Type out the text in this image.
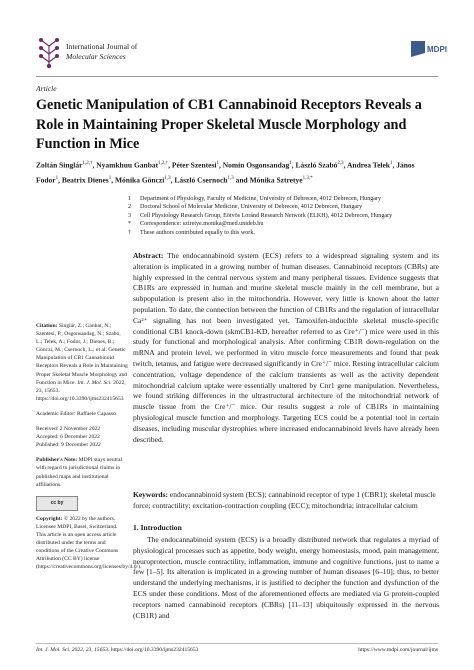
International Journal of
Molecular Sciences
MDPI
Article
Genetic Manipulation of CB1 Cannabinoid Receptors Reveals a Role in Maintaining Proper Skeletal Muscle Morphology and Function in Mice
Zoltán Singlár$^{1,2,\dagger}$, Nyamkhuu Ganbat$^{1,2,\dagger}$, Péter Szentesi$^1$, Nomin Osgonsandag$^1$, László Szabó$^{2,3}$, Andrea Telek$^1$, János Fodor$^1$, Beatrix Dienes$^1$, Mónika Gönczi$^{1,3}$, László Csernoch$^{1,3}$ and Mónika Sztretye$^{1,3,*}$
1	Department of Physiology, Faculty of Medicine, University of Debrecen, 4012 Debrecen, Hungary
2	Doctoral School of Molecular Medicine, University of Debrecen, 4012 Debrecen, Hungary
3	Cell Physiology Research Group, Eötvös Loránd Research Network (ELKH), 4012 Debrecen, Hungary
*	Correspondence: sztretye.monika@med.unideb.hu
†	These authors contributed equally to this work.

Citation: Singlár, Z.; Ganbat, N.; Szentesi, P.; Osgonsandag, N.; Szabó, L.; Telek, A.; Fodor, J.; Dienes, B.; Gönczi, M.; Csernoch, L.; et al. Genetic Manipulation of CB1 Cannabinoid Receptors Reveals a Role in Maintaining Proper Skeletal Muscle Morphology and Function in Mice. Int. J. Mol. Sci. 2022, 23, 15653. https://doi.org/10.3390/ijms232415653

Academic Editor: Raffaele Capasso

Received: 2 November 2022
Accepted: 6 December 2022
Published: 9 December 2022

Publisher's Note: MDPI stays neutral with regard to jurisdictional claims in published maps and institutional affiliations.

cc by

Copyright: © 2022 by the authors. Licensee MDPI, Basel, Switzerland. This article is an open access article distributed under the terms and conditions of the Creative Commons Attribution (CC BY) license (https://creativecommons.org/licenses/by/4.0/).

Abstract: The endocannabinoid system (ECS) refers to a widespread signaling system and its alteration is implicated in a growing number of human diseases. Cannabinoid receptors (CBRs) are highly expressed in the central nervous system and many peripheral tissues. Evidence suggests that CB1Rs are expressed in human and murine skeletal muscle mainly in the cell membrane, but a subpopulation is present also in the mitochondria. However, very little is known about the latter population. To date, the connection between the function of CB1Rs and the regulation of intracellular Ca²⁺ signaling has not been investigated yet. Tamoxifen-inducible skeletal muscle-specific conditional CB1 knock-down (skmCB1-KD, hereafter referred to as Cre⁺/⁻) mice were used in this study for functional and morphological analysis. After confirming CB1R down-regulation on the mRNA and protein level, we performed in vitro muscle force measurements and found that peak twitch, tetanus, and fatigue were decreased significantly in Cre⁺/⁻ mice. Resting intracellular calcium concentration, voltage dependence of the calcium transients as well as the activity dependent mitochondrial calcium uptake were essentially unaltered by Cnr1 gene manipulation. Nevertheless, we found striking differences in the ultrastructural architecture of the mitochondrial network of muscle tissue from the Cre⁺/⁻ mice. Our results suggest a role of CB1Rs in maintaining physiological muscle function and morphology. Targeting ECS could be a potential tool in certain diseases, including muscular dystrophies where increased endocannabinoid levels have already been described.
Keywords: endocannabinoid system (ECS); cannabinoid receptor of type 1 (CBR1); skeletal muscle force; contractility; excitation-contraction coupling (ECC); mitochondria; intracellular calcium
1. Introduction
The endocannabinoid system (ECS) is a broadly distributed network that regulates a myriad of physiological processes such as appetite, body weight, energy homeostasis, mood, pain management, neuroprotection, muscle contractility, inflammation, immune and cognitive functions, just to name a few [1–5]. Its alteration is implicated in a growing number of human diseases [6–10]; thus, to better understand the underlying mechanisms, it is justified to decipher the function and dysfunction of the ECS under these conditions. Most of the aforementioned effects are mediated via G protein-coupled receptors named cannabinoid receptors (CBRs) [11–13] ubiquitously expressed in the nervous (CB1R) and
Int. J. Mol. Sci. 2022, 23, 15653. https://doi.org/10.3390/ijms232415653	https://www.mdpi.com/journal/ijms
